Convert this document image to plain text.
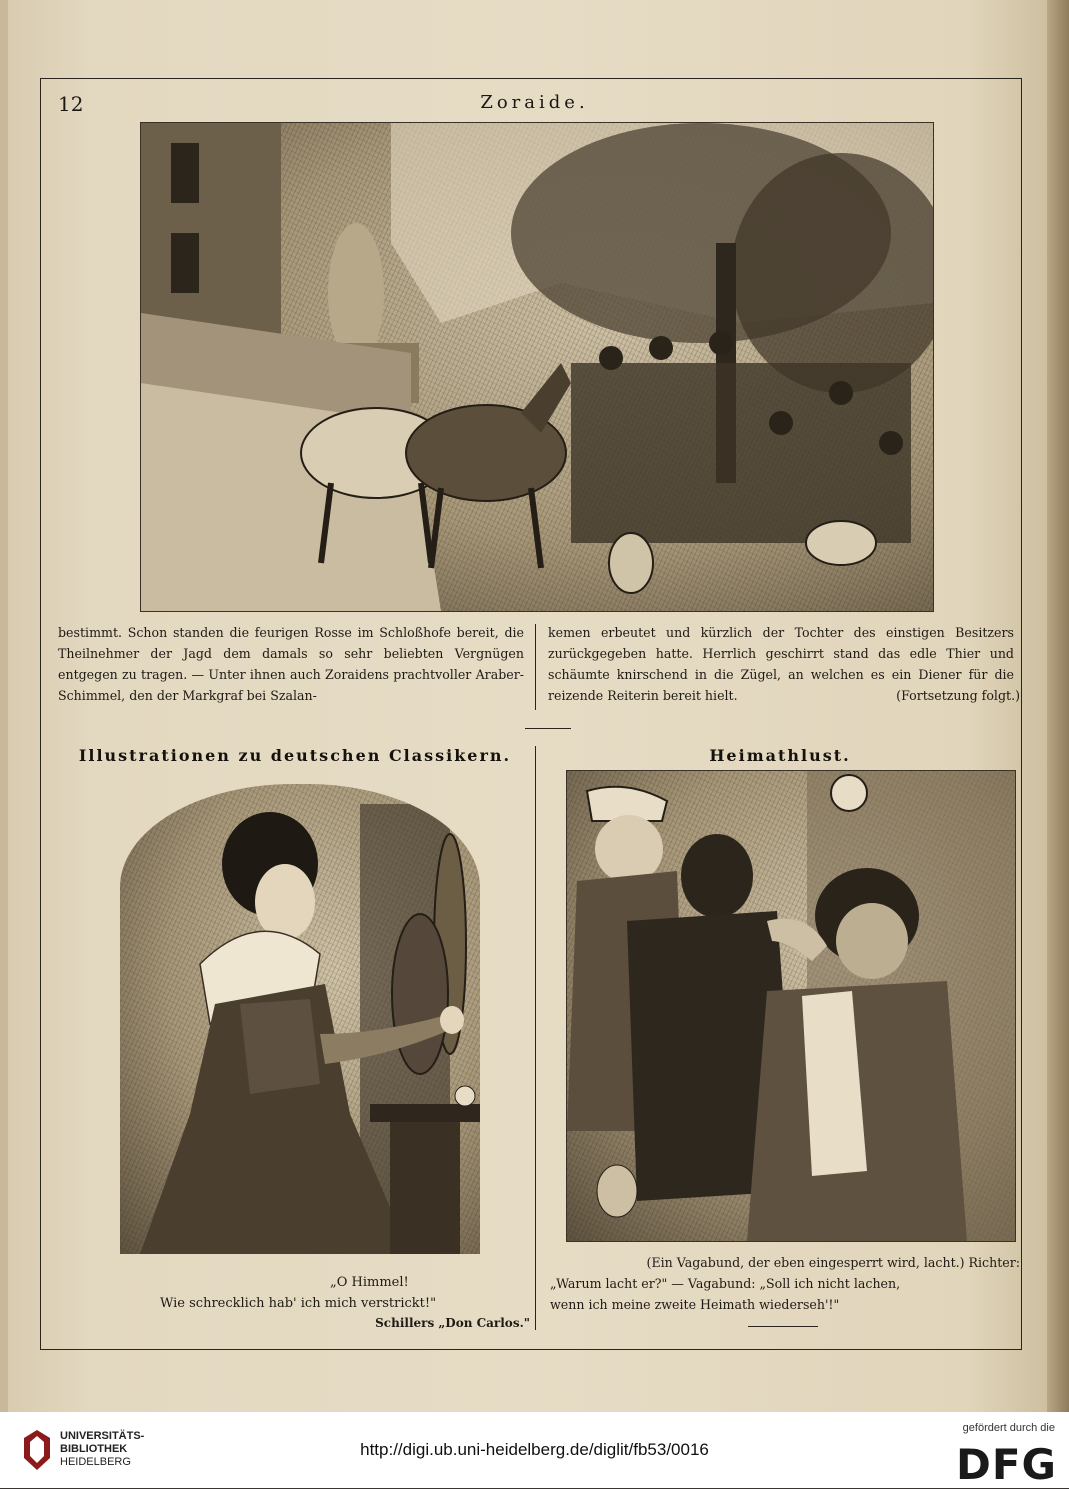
12	Zoraide.
bestimmt. Schon standen die feurigen Rosse im Schloßhofe bereit, die Theilnehmer der Jagd dem damals so sehr beliebten Vergnügen entgegen zu tragen. — Unter ihnen auch Zoraidens prachtvoller Araber-Schimmel, den der Markgraf bei Szalan-
kemen erbeutet und kürzlich der Tochter des einstigen Besitzers zurückgegeben hatte. Herrlich geschirrt stand das edle Thier und schäumte knirschend in die Zügel, an welchen es ein Diener für die reizende Reiterin bereit hielt.	(Fortsetzung folgt.)
Illustrationen zu deutschen Classikern.	Heimathlust.
„O Himmel!
Wie schrecklich hab' ich mich verstrickt!"
Schillers „Don Carlos."
(Ein Vagabund, der eben eingesperrt wird, lacht.) Richter:
„Warum lacht er?" — Vagabund: „Soll ich nicht lachen,
wenn ich meine zweite Heimath wiederseh'!"
UNIVERSITÄTS-
BIBLIOTHEK
HEIDELBERG
http://digi.ub.uni-heidelberg.de/diglit/fb53/0016
gefördert durch die
DFG
